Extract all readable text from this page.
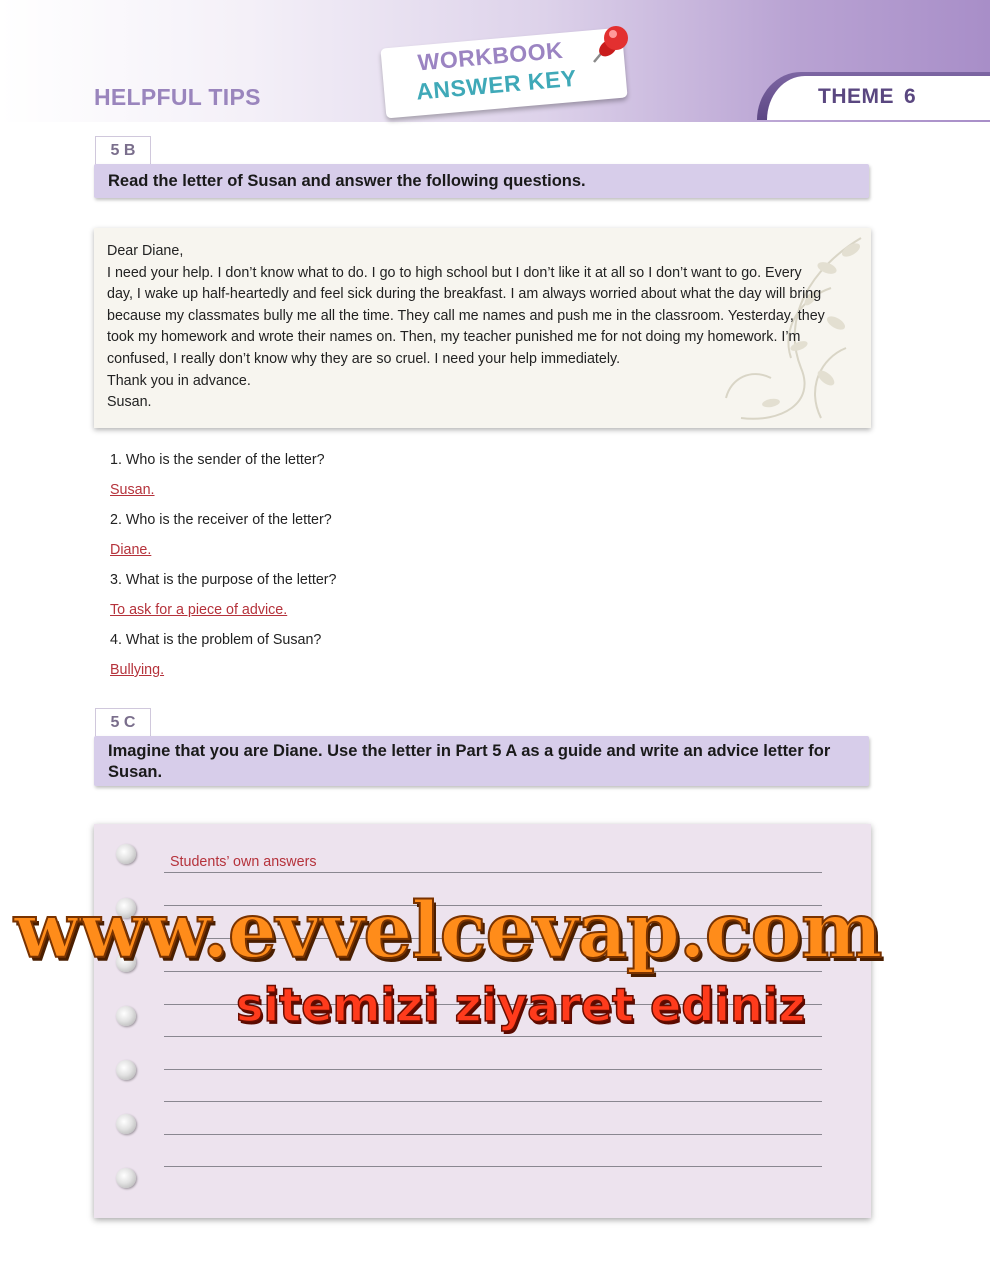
HELPFUL TIPS
WORKBOOK
ANSWER KEY	THEME 6
5 B
Read the letter of Susan and answer the following questions.
Dear Diane,
I need your help. I don’t know what to do. I go to high school but I don’t like it at all so I don’t want to go. Every
day, I wake up half-heartedly and feel sick during the breakfast. I am always worried about what the day will bring
because my classmates bully me all the time. They call me names and push me in the classroom. Yesterday, they
took my homework and wrote their names on. Then, my teacher punished me for not doing my homework. I’m
confused, I really don’t know why they are so cruel. I need your help immediately.
Thank you in advance.
Susan.
1. Who is the sender of the letter?
Susan.
2. Who is the receiver of the letter?
Diane.
3. What is the purpose of the letter?
To ask for a piece of advice.
4. What is the problem of Susan?
Bullying.
5 C
Imagine that you are Diane. Use the letter in Part 5 A as a guide and write an advice letter for
Susan.
Students’ own answers
www.evvelcevap.com
sitemizi ziyaret ediniz
